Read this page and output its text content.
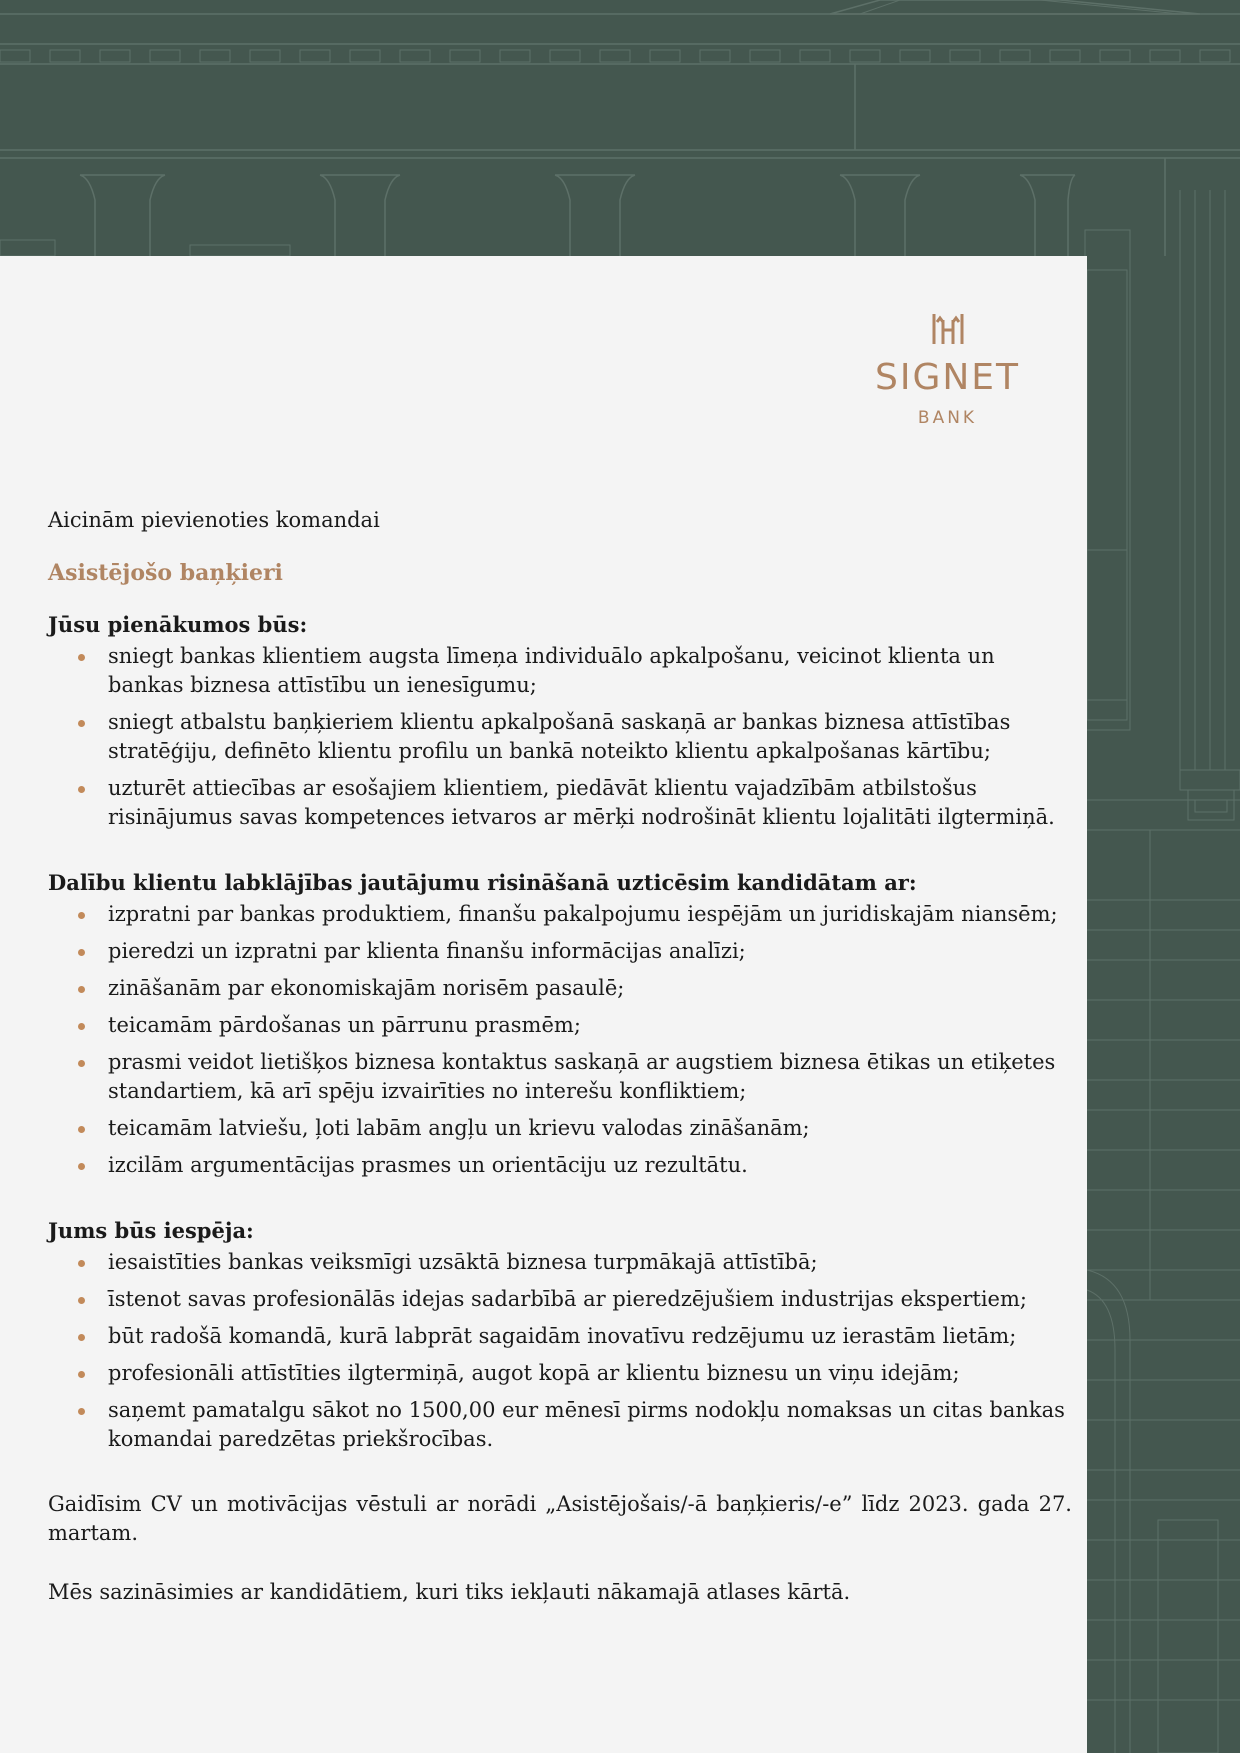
SIGNET
BANK

Aicinām pievienoties komandai

Asistējošo baņķieri

Jūsu pienākumos būs:
sniegt bankas klientiem augsta līmeņa individuālo apkalpošanu, veicinot klienta un bankas biznesa attīstību un ienesīgumu;
sniegt atbalstu baņķieriem klientu apkalpošanā saskaņā ar bankas biznesa attīstības stratēģiju, definēto klientu profilu un bankā noteikto klientu apkalpošanas kārtību;
uzturēt attiecības ar esošajiem klientiem, piedāvāt klientu vajadzībām atbilstošus risinājumus savas kompetences ietvaros ar mērķi nodrošināt klientu lojalitāti ilgtermiņā.
Dalību klientu labklājības jautājumu risināšanā uzticēsim kandidātam ar:
izpratni par bankas produktiem, finanšu pakalpojumu iespējām un juridiskajām niansēm;
pieredzi un izpratni par klienta finanšu informācijas analīzi;
zināšanām par ekonomiskajām norisēm pasaulē;
teicamām pārdošanas un pārrunu prasmēm;
prasmi veidot lietišķos biznesa kontaktus saskaņā ar augstiem biznesa ētikas un etiķetes standartiem, kā arī spēju izvairīties no interešu konfliktiem;
teicamām latviešu, ļoti labām angļu un krievu valodas zināšanām;
izcilām argumentācijas prasmes un orientāciju uz rezultātu.
Jums būs iespēja:
iesaistīties bankas veiksmīgi uzsāktā biznesa turpmākajā attīstībā;
īstenot savas profesionālās idejas sadarbībā ar pieredzējušiem industrijas ekspertiem;
būt radošā komandā, kurā labprāt sagaidām inovatīvu redzējumu uz ierastām lietām;
profesionāli attīstīties ilgtermiņā, augot kopā ar klientu biznesu un viņu idejām;
saņemt pamatalgu sākot no 1500,00 eur mēnesī pirms nodokļu nomaksas un citas bankas komandai paredzētas priekšrocības.

Gaidīsim CV un motivācijas vēstuli ar norādi „Asistējošais/-ā baņķieris/-e” līdz 2023. gada 27. martam.

Mēs sazināsimies ar kandidātiem, kuri tiks iekļauti nākamajā atlases kārtā.
